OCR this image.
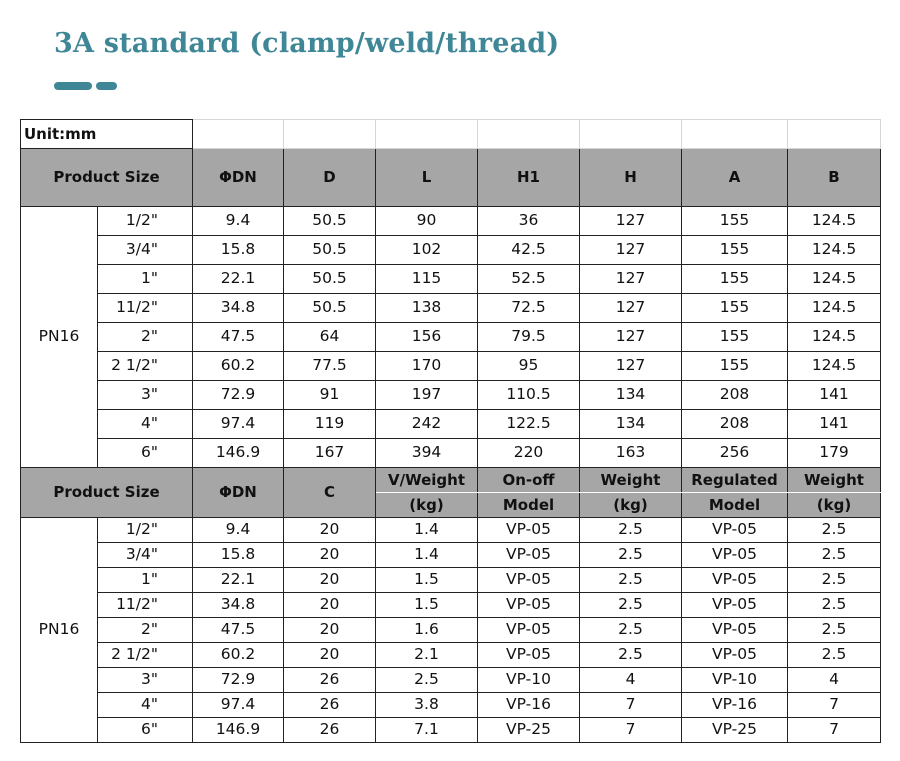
3A standard (clamp/weld/thread)
Unit:mm								
Product Size		ΦDN	D	L	H1	H	A	B
PN16	1/2"	9.4	50.5	90	36	127	155	124.5
	3/4"	15.8	50.5	102	42.5	127	155	124.5
	1"	22.1	50.5	115	52.5	127	155	124.5
	11/2"	34.8	50.5	138	72.5	127	155	124.5
	2"	47.5	64	156	79.5	127	155	124.5
	2 1/2"	60.2	77.5	170	95	127	155	124.5
	3"	72.9	91	197	110.5	134	208	141
	4"	97.4	119	242	122.5	134	208	141
	6"	146.9	167	394	220	163	256	179
Product Size		ΦDN	C	V/Weight	On-off	Weight	Regulated	Weight
				(kg)	Model	(kg)	Model	(kg)
PN16	1/2"	9.4	20	1.4	VP-05	2.5	VP-05	2.5
	3/4"	15.8	20	1.4	VP-05	2.5	VP-05	2.5
	1"	22.1	20	1.5	VP-05	2.5	VP-05	2.5
	11/2"	34.8	20	1.5	VP-05	2.5	VP-05	2.5
	2"	47.5	20	1.6	VP-05	2.5	VP-05	2.5
	2 1/2"	60.2	20	2.1	VP-05	2.5	VP-05	2.5
	3"	72.9	26	2.5	VP-10	4	VP-10	4
	4"	97.4	26	3.8	VP-16	7	VP-16	7
	6"	146.9	26	7.1	VP-25	7	VP-25	7
